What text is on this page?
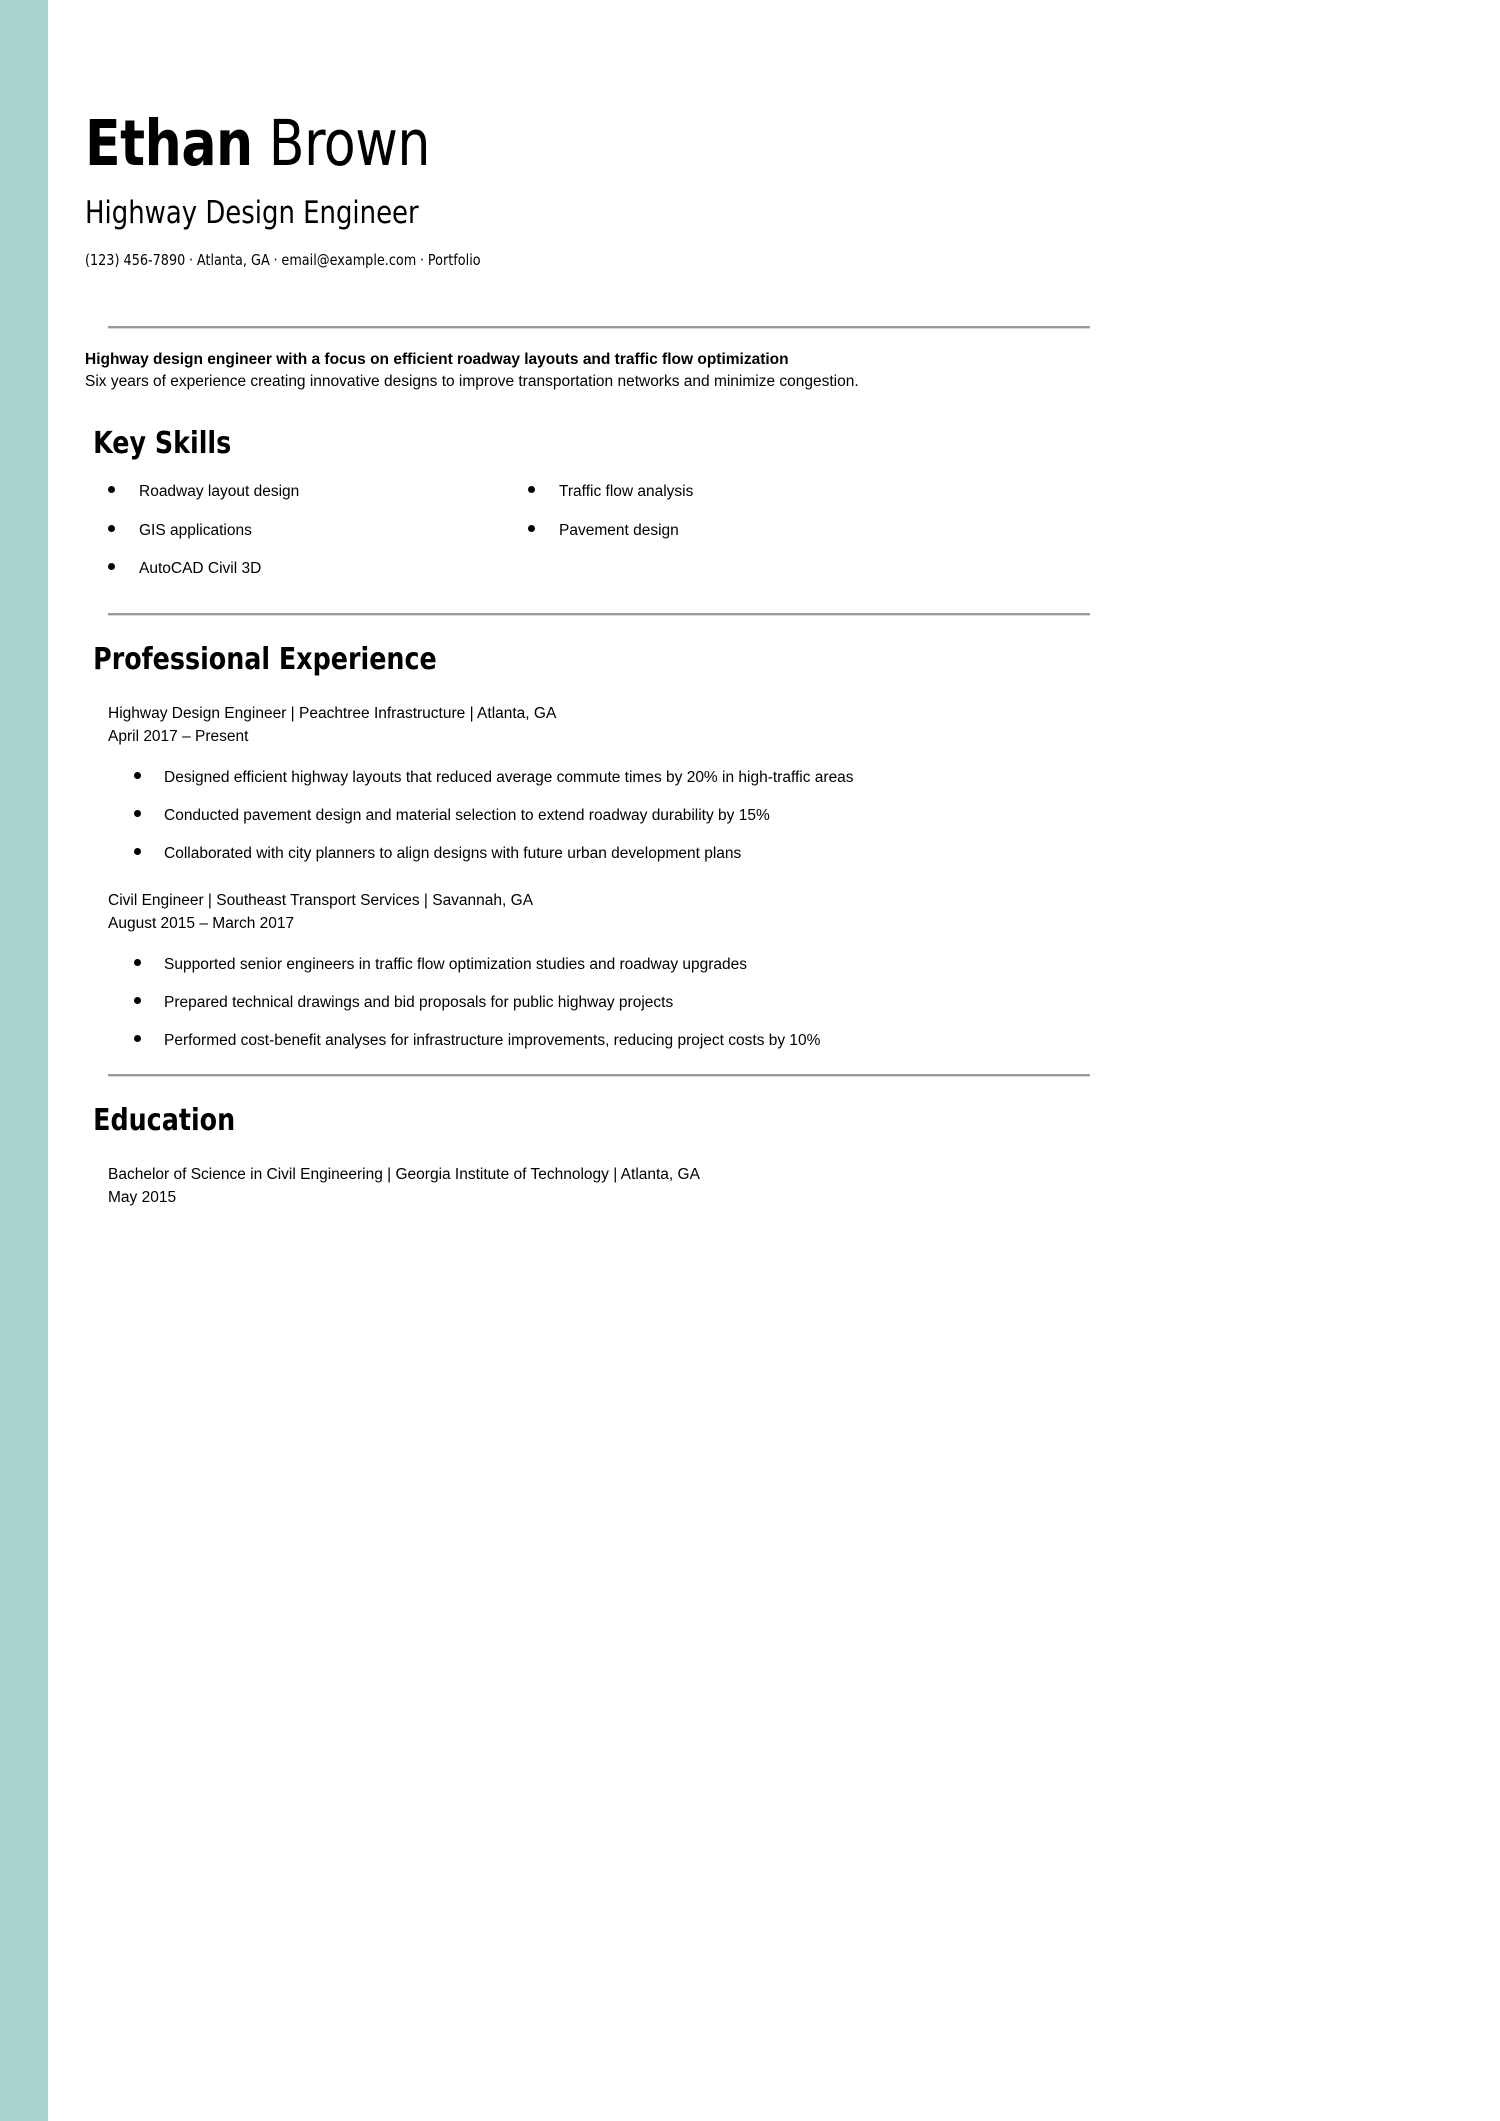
Ethan Brown
Highway Design Engineer
(123) 456-7890 · Atlanta, GA · email@example.com · Portfolio
Highway design engineer with a focus on efficient roadway layouts and traffic flow optimization
Six years of experience creating innovative designs to improve transportation networks and minimize congestion.
Key Skills
Roadway layout design
GIS applications
AutoCAD Civil 3D
Traffic flow analysis
Pavement design
Professional Experience
Highway Design Engineer | Peachtree Infrastructure | Atlanta, GA
April 2017 – Present
Designed efficient highway layouts that reduced average commute times by 20% in high-traffic areas
Conducted pavement design and material selection to extend roadway durability by 15%
Collaborated with city planners to align designs with future urban development plans
Civil Engineer | Southeast Transport Services | Savannah, GA
August 2015 – March 2017
Supported senior engineers in traffic flow optimization studies and roadway upgrades
Prepared technical drawings and bid proposals for public highway projects
Performed cost-benefit analyses for infrastructure improvements, reducing project costs by 10%
Education
Bachelor of Science in Civil Engineering | Georgia Institute of Technology | Atlanta, GA
May 2015
